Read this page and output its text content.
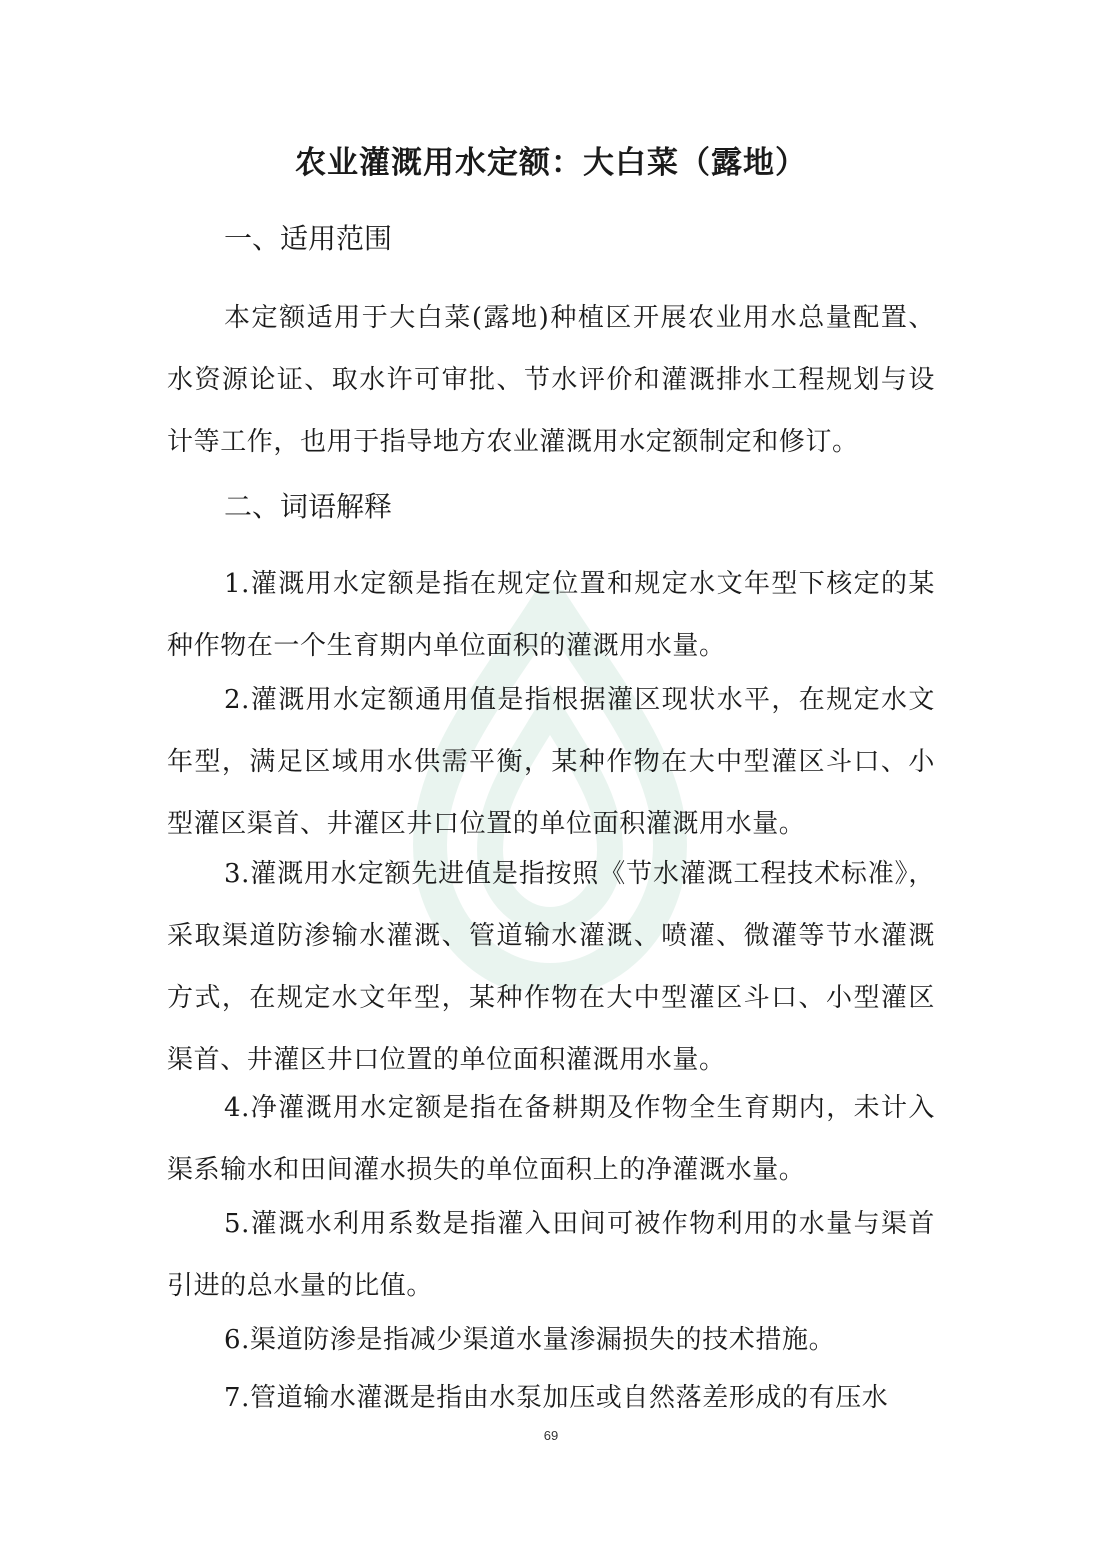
农业灌溉用水定额：大白菜（露地）
一、适用范围

本定额适用于大白菜(露地)种植区开展农业用水总量配置、水资源论证、取水许可审批、节水评价和灌溉排水工程规划与设计等工作，也用于指导地方农业灌溉用水定额制定和修订。

二、词语解释

1.灌溉用水定额是指在规定位置和规定水文年型下核定的某种作物在一个生育期内单位面积的灌溉用水量。

2.灌溉用水定额通用值是指根据灌区现状水平，在规定水文年型，满足区域用水供需平衡，某种作物在大中型灌区斗口、小型灌区渠首、井灌区井口位置的单位面积灌溉用水量。

3.灌溉用水定额先进值是指按照《节水灌溉工程技术标准》，采取渠道防渗输水灌溉、管道输水灌溉、喷灌、微灌等节水灌溉方式，在规定水文年型，某种作物在大中型灌区斗口、小型灌区渠首、井灌区井口位置的单位面积灌溉用水量。

4.净灌溉用水定额是指在备耕期及作物全生育期内，未计入渠系输水和田间灌水损失的单位面积上的净灌溉水量。

5.灌溉水利用系数是指灌入田间可被作物利用的水量与渠首引进的总水量的比值。

6.渠道防渗是指减少渠道水量渗漏损失的技术措施。

7.管道输水灌溉是指由水泵加压或自然落差形成的有压水

69
